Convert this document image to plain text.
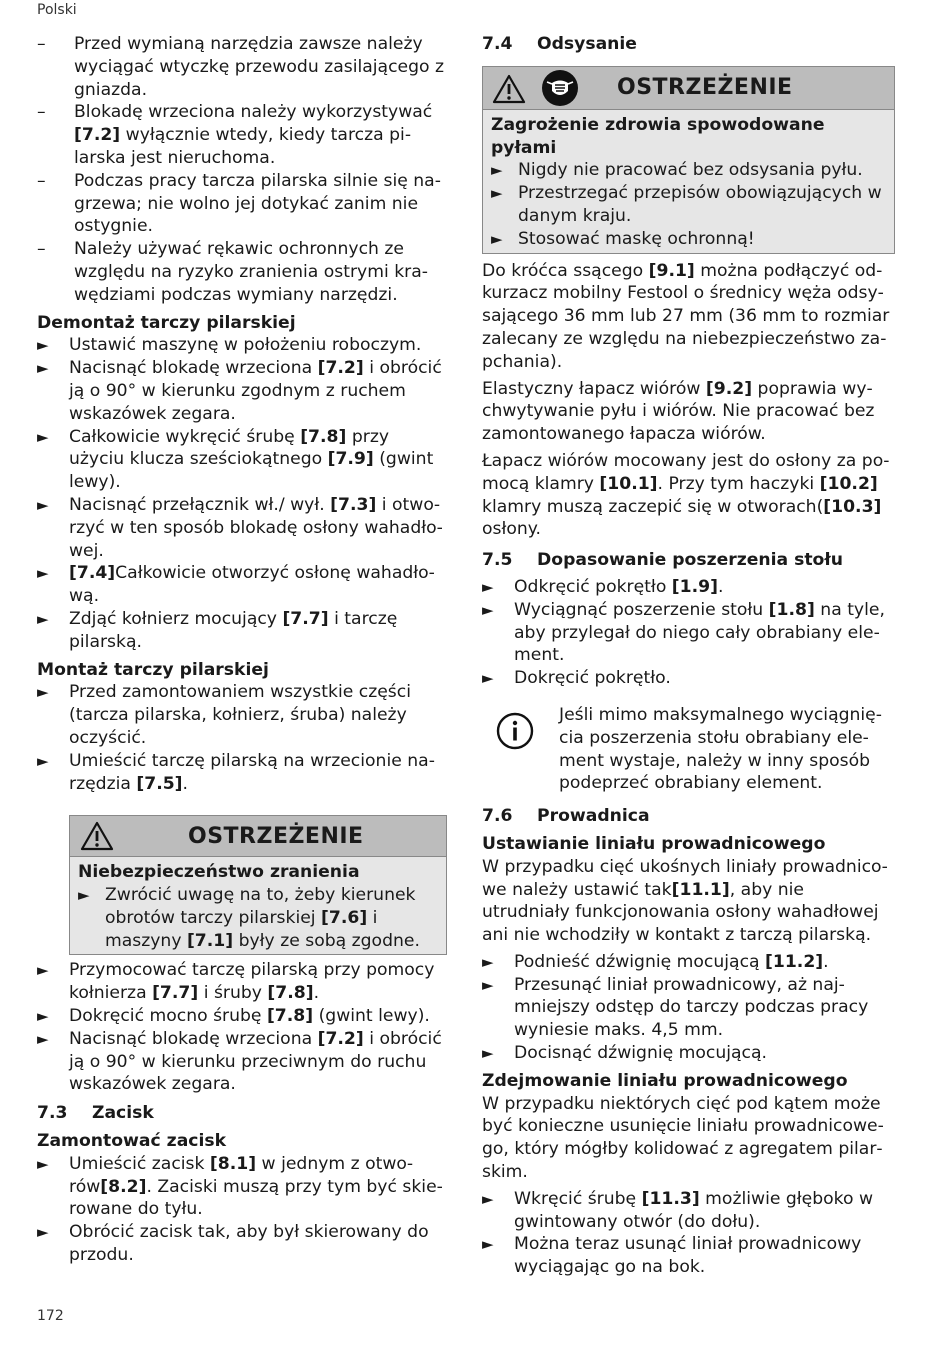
Polski
– Przed wymianą narzędzia zawsze należy wyciągać wtyczkę przewodu zasilającego z gniazda.
– Blokadę wrzeciona należy wykorzystywać [7.2] wyłącznie wtedy, kiedy tarcza pilarska jest nieruchoma.
– Podczas pracy tarcza pilarska silnie się nagrzewa; nie wolno jej dotykać zanim nie ostygnie.
– Należy używać rękawic ochronnych ze względu na ryzyko zranienia ostrymi krawędziami podczas wymiany narzędzi.
Demontaż tarczy pilarskiej
► Ustawić maszynę w położeniu roboczym.
► Nacisnąć blokadę wrzeciona [7.2] i obrócić ją o 90° w kierunku zgodnym z ruchem wskazówek zegara.
► Całkowicie wykręcić śrubę [7.8] przy użyciu klucza sześciokątnego [7.9] (gwint lewy).
► Nacisnąć przełącznik wł./ wył. [7.3] i otworzyć w ten sposób blokadę osłony wahadłowej.
► [7.4]Całkowicie otworzyć osłonę wahadłową.
► Zdjąć kołnierz mocujący [7.7] i tarczę pilarską.
Montaż tarczy pilarskiej
► Przed zamontowaniem wszystkie części (tarcza pilarska, kołnierz, śruba) należy oczyścić.
► Umieścić tarczę pilarską na wrzecionie narzędzia [7.5].
OSTRZEŻENIE
Niebezpieczeństwo zranienia
► Zwrócić uwagę na to, żeby kierunek obrotów tarczy pilarskiej [7.6] i maszyny [7.1] były ze sobą zgodne.
► Przymocować tarczę pilarską przy pomocy kołnierza [7.7] i śruby [7.8].
► Dokręcić mocno śrubę [7.8] (gwint lewy).
► Nacisnąć blokadę wrzeciona [7.2] i obrócić ją o 90° w kierunku przeciwnym do ruchu wskazówek zegara.
7.3 Zacisk
Zamontować zacisk
► Umieścić zacisk [8.1] w jednym z otworów[8.2]. Zaciski muszą przy tym być skierowane do tyłu.
► Obrócić zacisk tak, aby był skierowany do przodu.
7.4 Odsysanie
OSTRZEŻENIE
Zagrożenie zdrowia spowodowane pyłami
► Nigdy nie pracować bez odsysania pyłu.
► Przestrzegać przepisów obowiązujących w danym kraju.
► Stosować maskę ochronną!
Do króćca ssącego [9.1] można podłączyć odkurzacz mobilny Festool o średnicy węża odsysającego 36 mm lub 27 mm (36 mm to rozmiar zalecany ze względu na niebezpieczeństwo zapchania).
Elastyczny łapacz wiórów [9.2] poprawia wychwytywanie pyłu i wiórów. Nie pracować bez zamontowanego łapacza wiórów.
Łapacz wiórów mocowany jest do osłony za pomocą klamry [10.1]. Przy tym haczyki [10.2] klamry muszą zaczepić się w otworach([10.3] osłony.
7.5 Dopasowanie poszerzenia stołu
► Odkręcić pokrętło [1.9].
► Wyciągnąć poszerzenie stołu [1.8] na tyle, aby przylegał do niego cały obrabiany element.
► Dokręcić pokrętło.
Jeśli mimo maksymalnego wyciągnięcia poszerzenia stołu obrabiany element wystaje, należy w inny sposób podeprzeć obrabiany element.
7.6 Prowadnica
Ustawianie liniału prowadnicowego
W przypadku cięć ukośnych liniały prowadnicowe należy ustawić tak[11.1], aby nie utrudniały funkcjonowania osłony wahadłowej ani nie wchodziły w kontakt z tarczą pilarską.
► Podnieść dźwignię mocującą [11.2].
► Przesunąć liniał prowadnicowy, aż najmniejszy odstęp do tarczy podczas pracy wyniesie maks. 4,5 mm.
► Docisnąć dźwignię mocującą.
Zdejmowanie liniału prowadnicowego
W przypadku niektórych cięć pod kątem może być konieczne usunięcie liniału prowadnicowego, który mógłby kolidować z agregatem pilarskim.
► Wkręcić śrubę [11.3] możliwie głęboko w gwintowany otwór (do dołu).
► Można teraz usunąć liniał prowadnicowy wyciągając go na bok.
172
